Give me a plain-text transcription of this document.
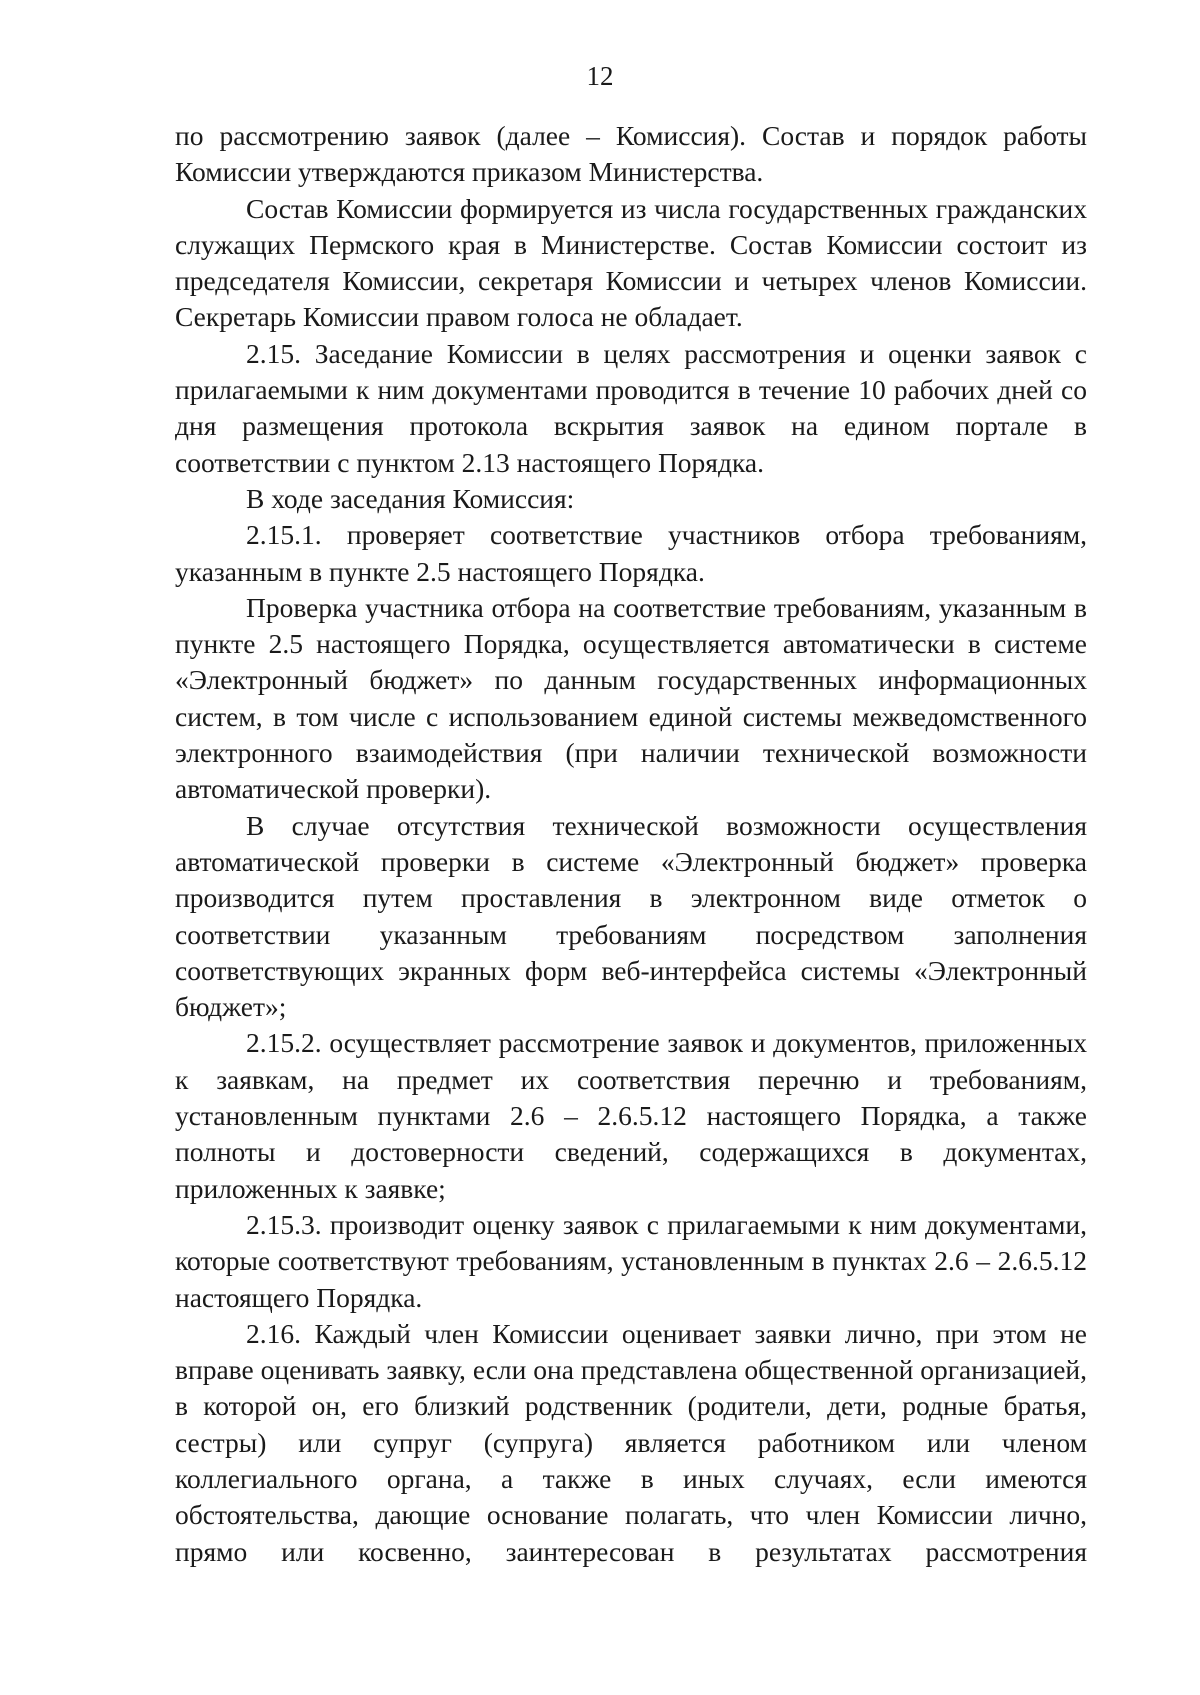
12

по рассмотрению заявок (далее – Комиссия). Состав и порядок работы Комиссии утверждаются приказом Министерства.

Состав Комиссии формируется из числа государственных гражданских служащих Пермского края в Министерстве. Состав Комиссии состоит из председателя Комиссии, секретаря Комиссии и четырех членов Комиссии. Секретарь Комиссии правом голоса не обладает.

2.15. Заседание Комиссии в целях рассмотрения и оценки заявок с прилагаемыми к ним документами проводится в течение 10 рабочих дней со дня размещения протокола вскрытия заявок на едином портале в соответствии с пунктом 2.13 настоящего Порядка.

В ходе заседания Комиссия:

2.15.1. проверяет соответствие участников отбора требованиям, указанным в пункте 2.5 настоящего Порядка.

Проверка участника отбора на соответствие требованиям, указанным в пункте 2.5 настоящего Порядка, осуществляется автоматически в системе «Электронный бюджет» по данным государственных информационных систем, в том числе с использованием единой системы межведомственного электронного взаимодействия (при наличии технической возможности автоматической проверки).

В случае отсутствия технической возможности осуществления автоматической проверки в системе «Электронный бюджет» проверка производится путем проставления в электронном виде отметок о соответствии указанным требованиям посредством заполнения соответствующих экранных форм веб-интерфейса системы «Электронный бюджет»;

2.15.2. осуществляет рассмотрение заявок и документов, приложенных к заявкам, на предмет их соответствия перечню и требованиям, установленным пунктами 2.6 – 2.6.5.12 настоящего Порядка, а также полноты и достоверности сведений, содержащихся в документах, приложенных к заявке;

2.15.3. производит оценку заявок с прилагаемыми к ним документами, которые соответствуют требованиям, установленным в пунктах 2.6 – 2.6.5.12 настоящего Порядка.

2.16. Каждый член Комиссии оценивает заявки лично, при этом не вправе оценивать заявку, если она представлена общественной организацией, в которой он, его близкий родственник (родители, дети, родные братья, сестры) или супруг (супруга) является работником или членом коллегиального органа, а также в иных случаях, если имеются обстоятельства, дающие основание полагать, что член Комиссии лично, прямо или косвенно, заинтересован в результатах рассмотрения
